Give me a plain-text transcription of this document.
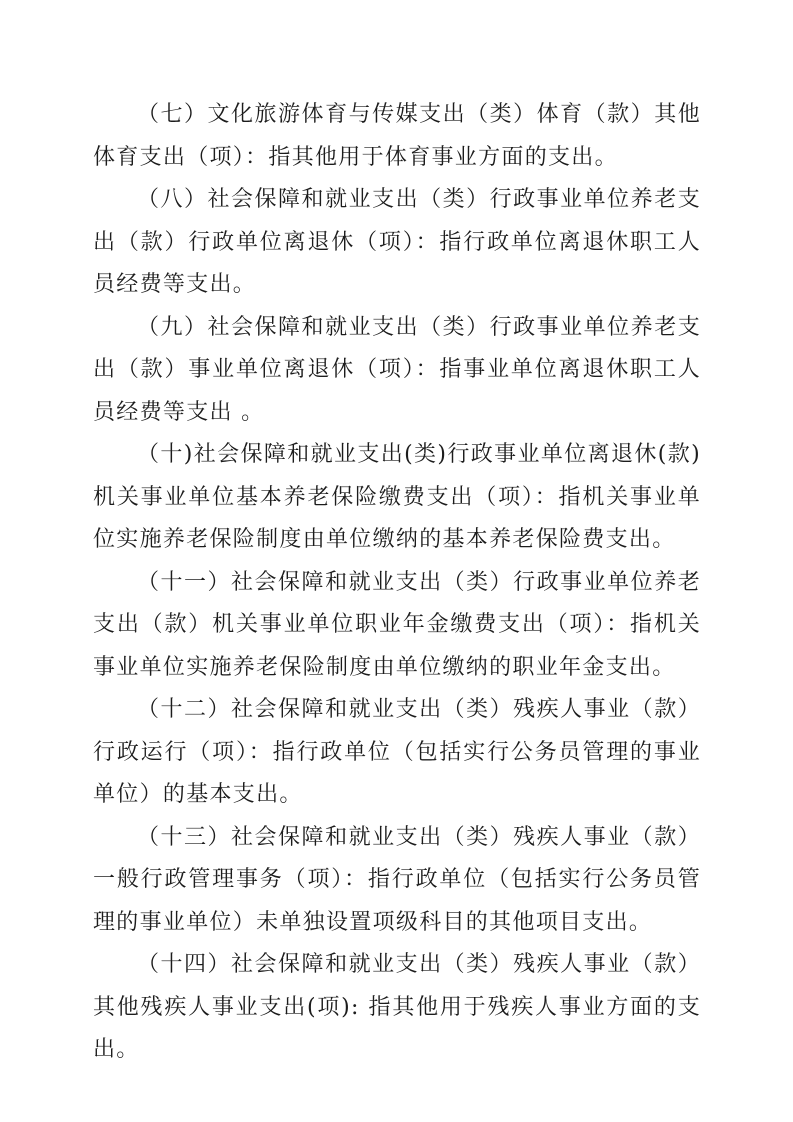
（七）文化旅游体育与传媒支出（类）体育（款）其他体育支出（项）：指其他用于体育事业方面的支出。

（八）社会保障和就业支出（类）行政事业单位养老支出（款）行政单位离退休（项）：指行政单位离退休职工人员经费等支出。

（九）社会保障和就业支出（类）行政事业单位养老支出（款）事业单位离退休（项）：指事业单位离退休职工人员经费等支出 。

（十)社会保障和就业支出(类)行政事业单位离退休(款)机关事业单位基本养老保险缴费支出（项）：指机关事业单位实施养老保险制度由单位缴纳的基本养老保险费支出。

（十一）社会保障和就业支出（类）行政事业单位养老支出（款）机关事业单位职业年金缴费支出（项）：指机关事业单位实施养老保险制度由单位缴纳的职业年金支出。

（十二）社会保障和就业支出（类）残疾人事业（款）行政运行（项）：指行政单位（包括实行公务员管理的事业单位）的基本支出。

（十三）社会保障和就业支出（类）残疾人事业（款）一般行政管理事务（项）：指行政单位（包括实行公务员管理的事业单位）未单独设置项级科目的其他项目支出。

（十四）社会保障和就业支出（类）残疾人事业（款）其他残疾人事业支出(项): 指其他用于残疾人事业方面的支出。
